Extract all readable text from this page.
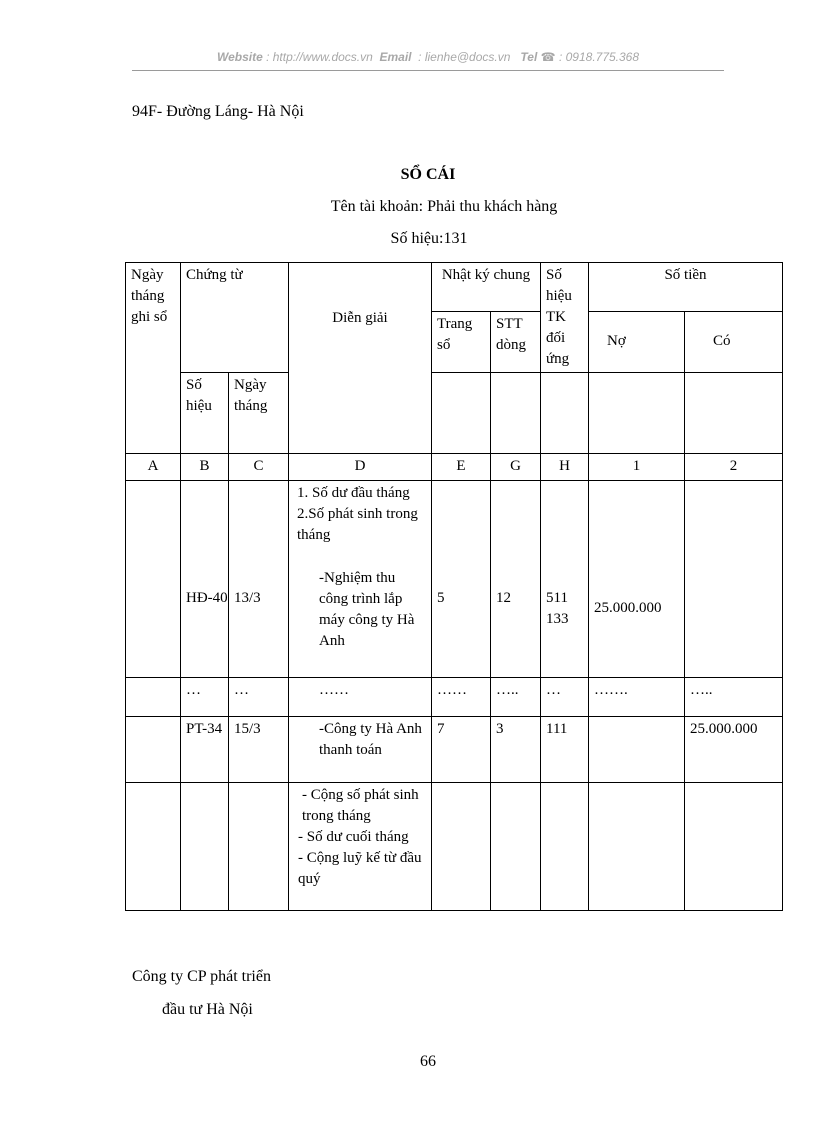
Website : http://www.docs.vn Email : lienhe@docs.vn Tel ☎ : 0918.775.368
94F- Đường Láng- Hà Nội
SỔ CÁI
Tên tài khoản: Phải thu khách hàng
Số hiệu:131
Ngày tháng ghi sổ	Chứng từ		Diễn giải	Nhật ký chung		Số hiệu TK đối ứng	Số tiền	
				Trang sổ	STT dòng		Nợ	Có
	Số hiệu	Ngày tháng						
A	B	C	D	E	G	H	1	2
	HĐ-40	13/3	1. Số dư đầu tháng
2.Số phát sinh trong tháng
-Nghiệm thu công trình lắp máy công ty Hà Anh	5	12	511 133	25.000.000	
	…	…	……	……	…..	…	…….	…..
	PT-34	15/3	-Công ty Hà Anh thanh toán	7	3	111		25.000.000

			- Cộng số phát sinh trong tháng
- Số dư cuối tháng
- Cộng luỹ kế từ đầu quý					

Công ty CP phát triển
đầu tư Hà Nội
66
